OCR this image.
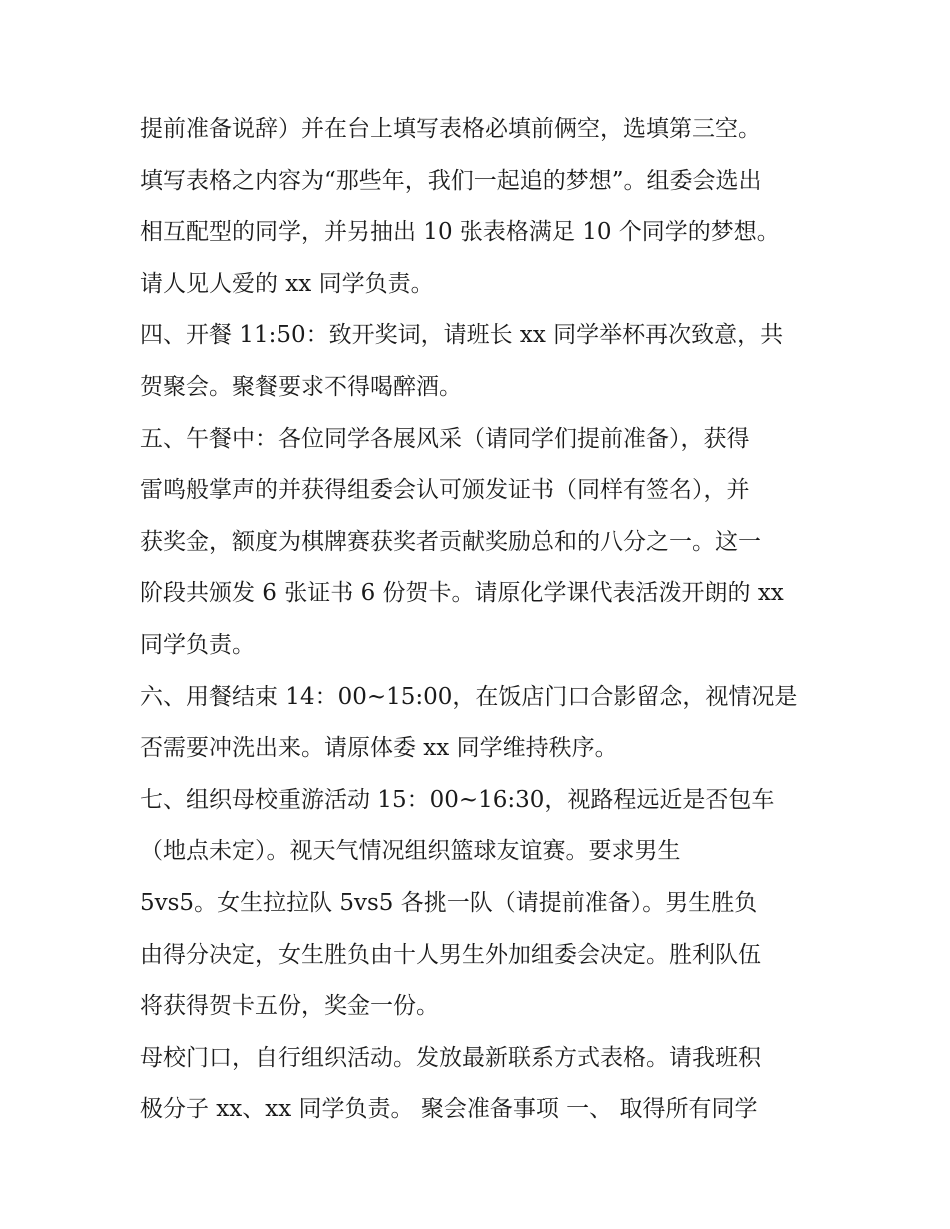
提前准备说辞）并在台上填写表格必填前俩空，选填第三空。
填写表格之内容为“那些年，我们一起追的梦想”。组委会选出
相互配型的同学，并另抽出 10 张表格满足 10 个同学的梦想。
请人见人爱的 xx 同学负责。
四、开餐 11:50：致开奖词，请班长 xx 同学举杯再次致意，共
贺聚会。聚餐要求不得喝醉酒。
五、午餐中：各位同学各展风采（请同学们提前准备），获得
雷鸣般掌声的并获得组委会认可颁发证书（同样有签名），并
获奖金，额度为棋牌赛获奖者贡献奖励总和的八分之一。这一
阶段共颁发 6 张证书 6 份贺卡。请原化学课代表活泼开朗的 xx
同学负责。
六、用餐结束 14：00~15:00，在饭店门口合影留念，视情况是
否需要冲洗出来。请原体委 xx 同学维持秩序。
七、组织母校重游活动 15：00~16:30，视路程远近是否包车
（地点未定）。视天气情况组织篮球友谊赛。要求男生
5vs5。女生拉拉队 5vs5 各挑一队（请提前准备）。男生胜负
由得分决定，女生胜负由十人男生外加组委会决定。胜利队伍
将获得贺卡五份，奖金一份。
母校门口，自行组织活动。发放最新联系方式表格。请我班积
极分子 xx、xx 同学负责。 聚会准备事项 一、 取得所有同学
